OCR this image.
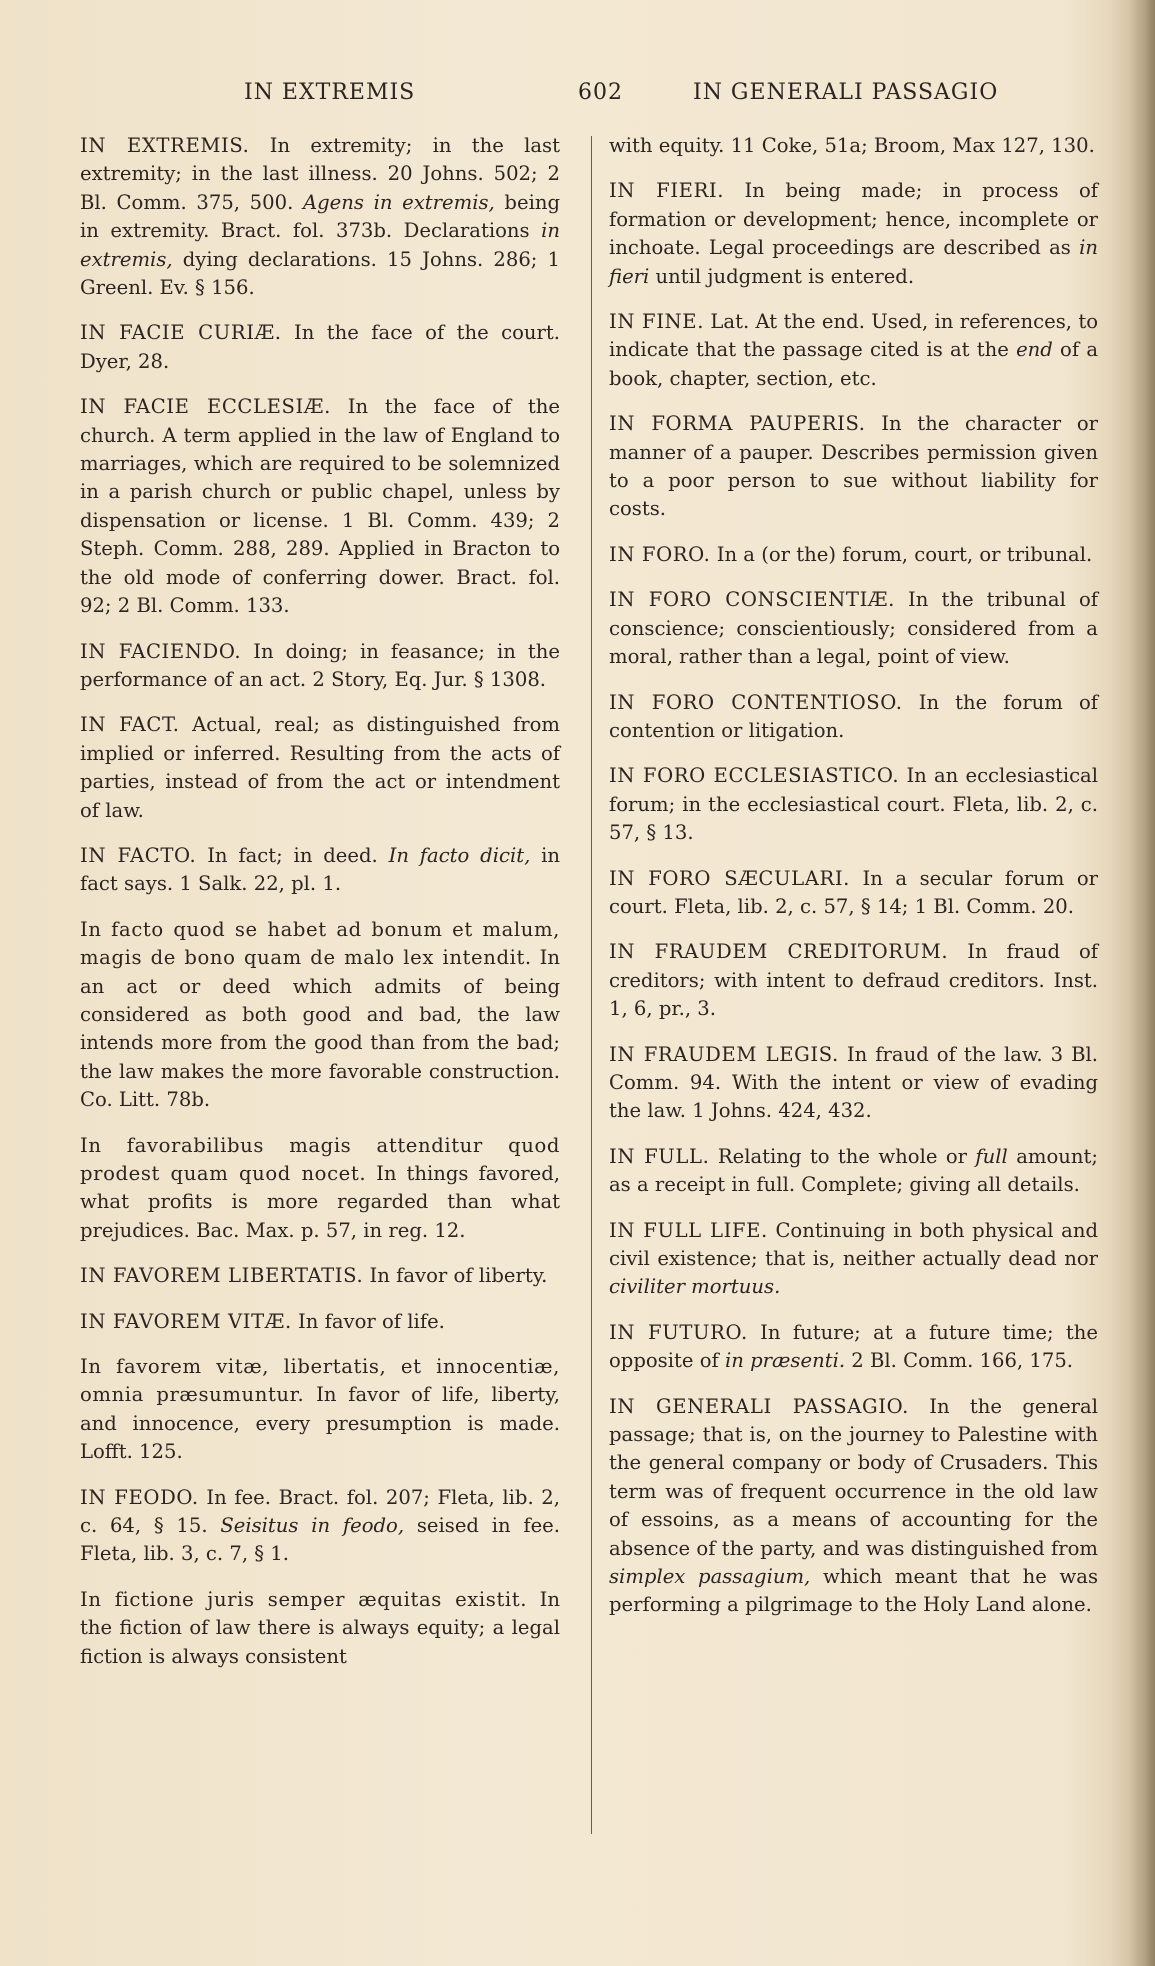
IN EXTREMIS	602	IN GENERALI PASSAGIO

IN EXTREMIS. In extremity; in the last extremity; in the last illness. 20 Johns. 502; 2 Bl. Comm. 375, 500. Agens in extremis, being in extremity. Bract. fol. 373b. Declarations in extremis, dying declarations. 15 Johns. 286; 1 Greenl. Ev. § 156.

IN FACIE CURIÆ. In the face of the court. Dyer, 28.

IN FACIE ECCLESIÆ. In the face of the church. A term applied in the law of England to marriages, which are required to be solemnized in a parish church or public chapel, unless by dispensation or license. 1 Bl. Comm. 439; 2 Steph. Comm. 288, 289. Applied in Bracton to the old mode of conferring dower. Bract. fol. 92; 2 Bl. Comm. 133.

IN FACIENDO. In doing; in feasance; in the performance of an act. 2 Story, Eq. Jur. § 1308.

IN FACT. Actual, real; as distinguished from implied or inferred. Resulting from the acts of parties, instead of from the act or intendment of law.

IN FACTO. In fact; in deed. In facto dicit, in fact says. 1 Salk. 22, pl. 1.

In facto quod se habet ad bonum et malum, magis de bono quam de malo lex intendit. In an act or deed which admits of being considered as both good and bad, the law intends more from the good than from the bad; the law makes the more favorable construction. Co. Litt. 78b.

In favorabilibus magis attenditur quod prodest quam quod nocet. In things favored, what profits is more regarded than what prejudices. Bac. Max. p. 57, in reg. 12.

IN FAVOREM LIBERTATIS. In favor of liberty.

IN FAVOREM VITÆ. In favor of life.

In favorem vitæ, libertatis, et innocentiæ, omnia præsumuntur. In favor of life, liberty, and innocence, every presumption is made. Lofft. 125.

IN FEODO. In fee. Bract. fol. 207; Fleta, lib. 2, c. 64, § 15. Seisitus in feodo, seised in fee. Fleta, lib. 3, c. 7, § 1.

In fictione juris semper æquitas existit. In the fiction of law there is always equity; a legal fiction is always consistent

with equity. 11 Coke, 51a; Broom, Max 127, 130.

IN FIERI. In being made; in process of formation or development; hence, incomplete or inchoate. Legal proceedings are described as in fieri until judgment is entered.

IN FINE. Lat. At the end. Used, in references, to indicate that the passage cited is at the end of a book, chapter, section, etc.

IN FORMA PAUPERIS. In the character or manner of a pauper. Describes permission given to a poor person to sue without liability for costs.

IN FORO. In a (or the) forum, court, or tribunal.

IN FORO CONSCIENTIÆ. In the tribunal of conscience; conscientiously; considered from a moral, rather than a legal, point of view.

IN FORO CONTENTIOSO. In the forum of contention or litigation.

IN FORO ECCLESIASTICO. In an ecclesiastical forum; in the ecclesiastical court. Fleta, lib. 2, c. 57, § 13.

IN FORO SÆCULARI. In a secular forum or court. Fleta, lib. 2, c. 57, § 14; 1 Bl. Comm. 20.

IN FRAUDEM CREDITORUM. In fraud of creditors; with intent to defraud creditors. Inst. 1, 6, pr., 3.

IN FRAUDEM LEGIS. In fraud of the law. 3 Bl. Comm. 94. With the intent or view of evading the law. 1 Johns. 424, 432.

IN FULL. Relating to the whole or full amount; as a receipt in full. Complete; giving all details.

IN FULL LIFE. Continuing in both physical and civil existence; that is, neither actually dead nor civiliter mortuus.

IN FUTURO. In future; at a future time; the opposite of in præsenti. 2 Bl. Comm. 166, 175.

IN GENERALI PASSAGIO. In the general passage; that is, on the journey to Palestine with the general company or body of Crusaders. This term was of frequent occurrence in the old law of essoins, as a means of accounting for the absence of the party, and was distinguished from simplex passagium, which meant that he was performing a pilgrimage to the Holy Land alone.
